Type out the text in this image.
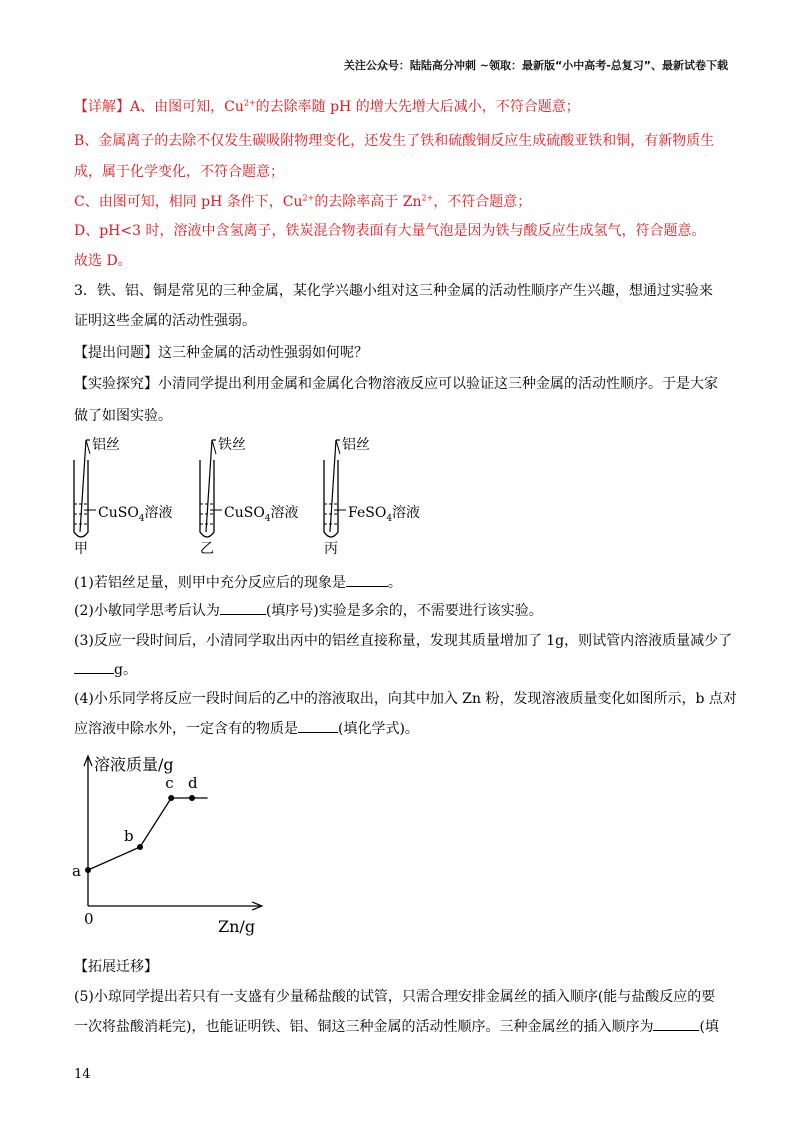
关注公众号：陆陆高分冲刺 ~领取：最新版“小中高考-总复习”、最新试卷下载
【详解】A、由图可知，$Cu^{2+}$的去除率随 pH 的增大先增大后减小，不符合题意；
B、金属离子的去除不仅发生碳吸附物理变化，还发生了铁和硫酸铜反应生成硫酸亚铁和铜，有新物质生
成，属于化学变化，不符合题意；
C、由图可知，相同 pH 条件下，$Cu^{2+}$的去除率高于 $Zn^{2+}$，不符合题意；
D、pH<3 时，溶液中含氢离子，铁炭混合物表面有大量气泡是因为铁与酸反应生成氢气，符合题意。
故选 D。
3．铁、铝、铜是常见的三种金属，某化学兴趣小组对这三种金属的活动性顺序产生兴趣，想通过实验来
证明这些金属的活动性强弱。
【提出问题】这三种金属的活动性强弱如何呢？
【实验探究】小清同学提出利用金属和金属化合物溶液反应可以验证这三种金属的活动性顺序。于是大家
做了如图实验。
铝丝
CuSO$_4$溶液
甲
铁丝
CuSO$_4$溶液
乙
铝丝
FeSO$_4$溶液
丙
(1)若铝丝足量，则甲中充分反应后的现象是	。
(2)小敏同学思考后认为	(填序号)实验是多余的，不需要进行该实验。
(3)反应一段时间后，小清同学取出丙中的铝丝直接称量，发现其质量增加了 1g，则试管内溶液质量减少了
g。
(4)小乐同学将反应一段时间后的乙中的溶液取出，向其中加入 Zn 粉，发现溶液质量变化如图所示，b 点对
应溶液中除水外，一定含有的物质是	(填化学式)。
溶液质量/g
Zn/g
0
a
b
c d
【拓展迁移】
(5)小琼同学提出若只有一支盛有少量稀盐酸的试管，只需合理安排金属丝的插入顺序(能与盐酸反应的要
一次将盐酸消耗完)，也能证明铁、铝、铜这三种金属的活动性顺序。三种金属丝的插入顺序为	(填
14
